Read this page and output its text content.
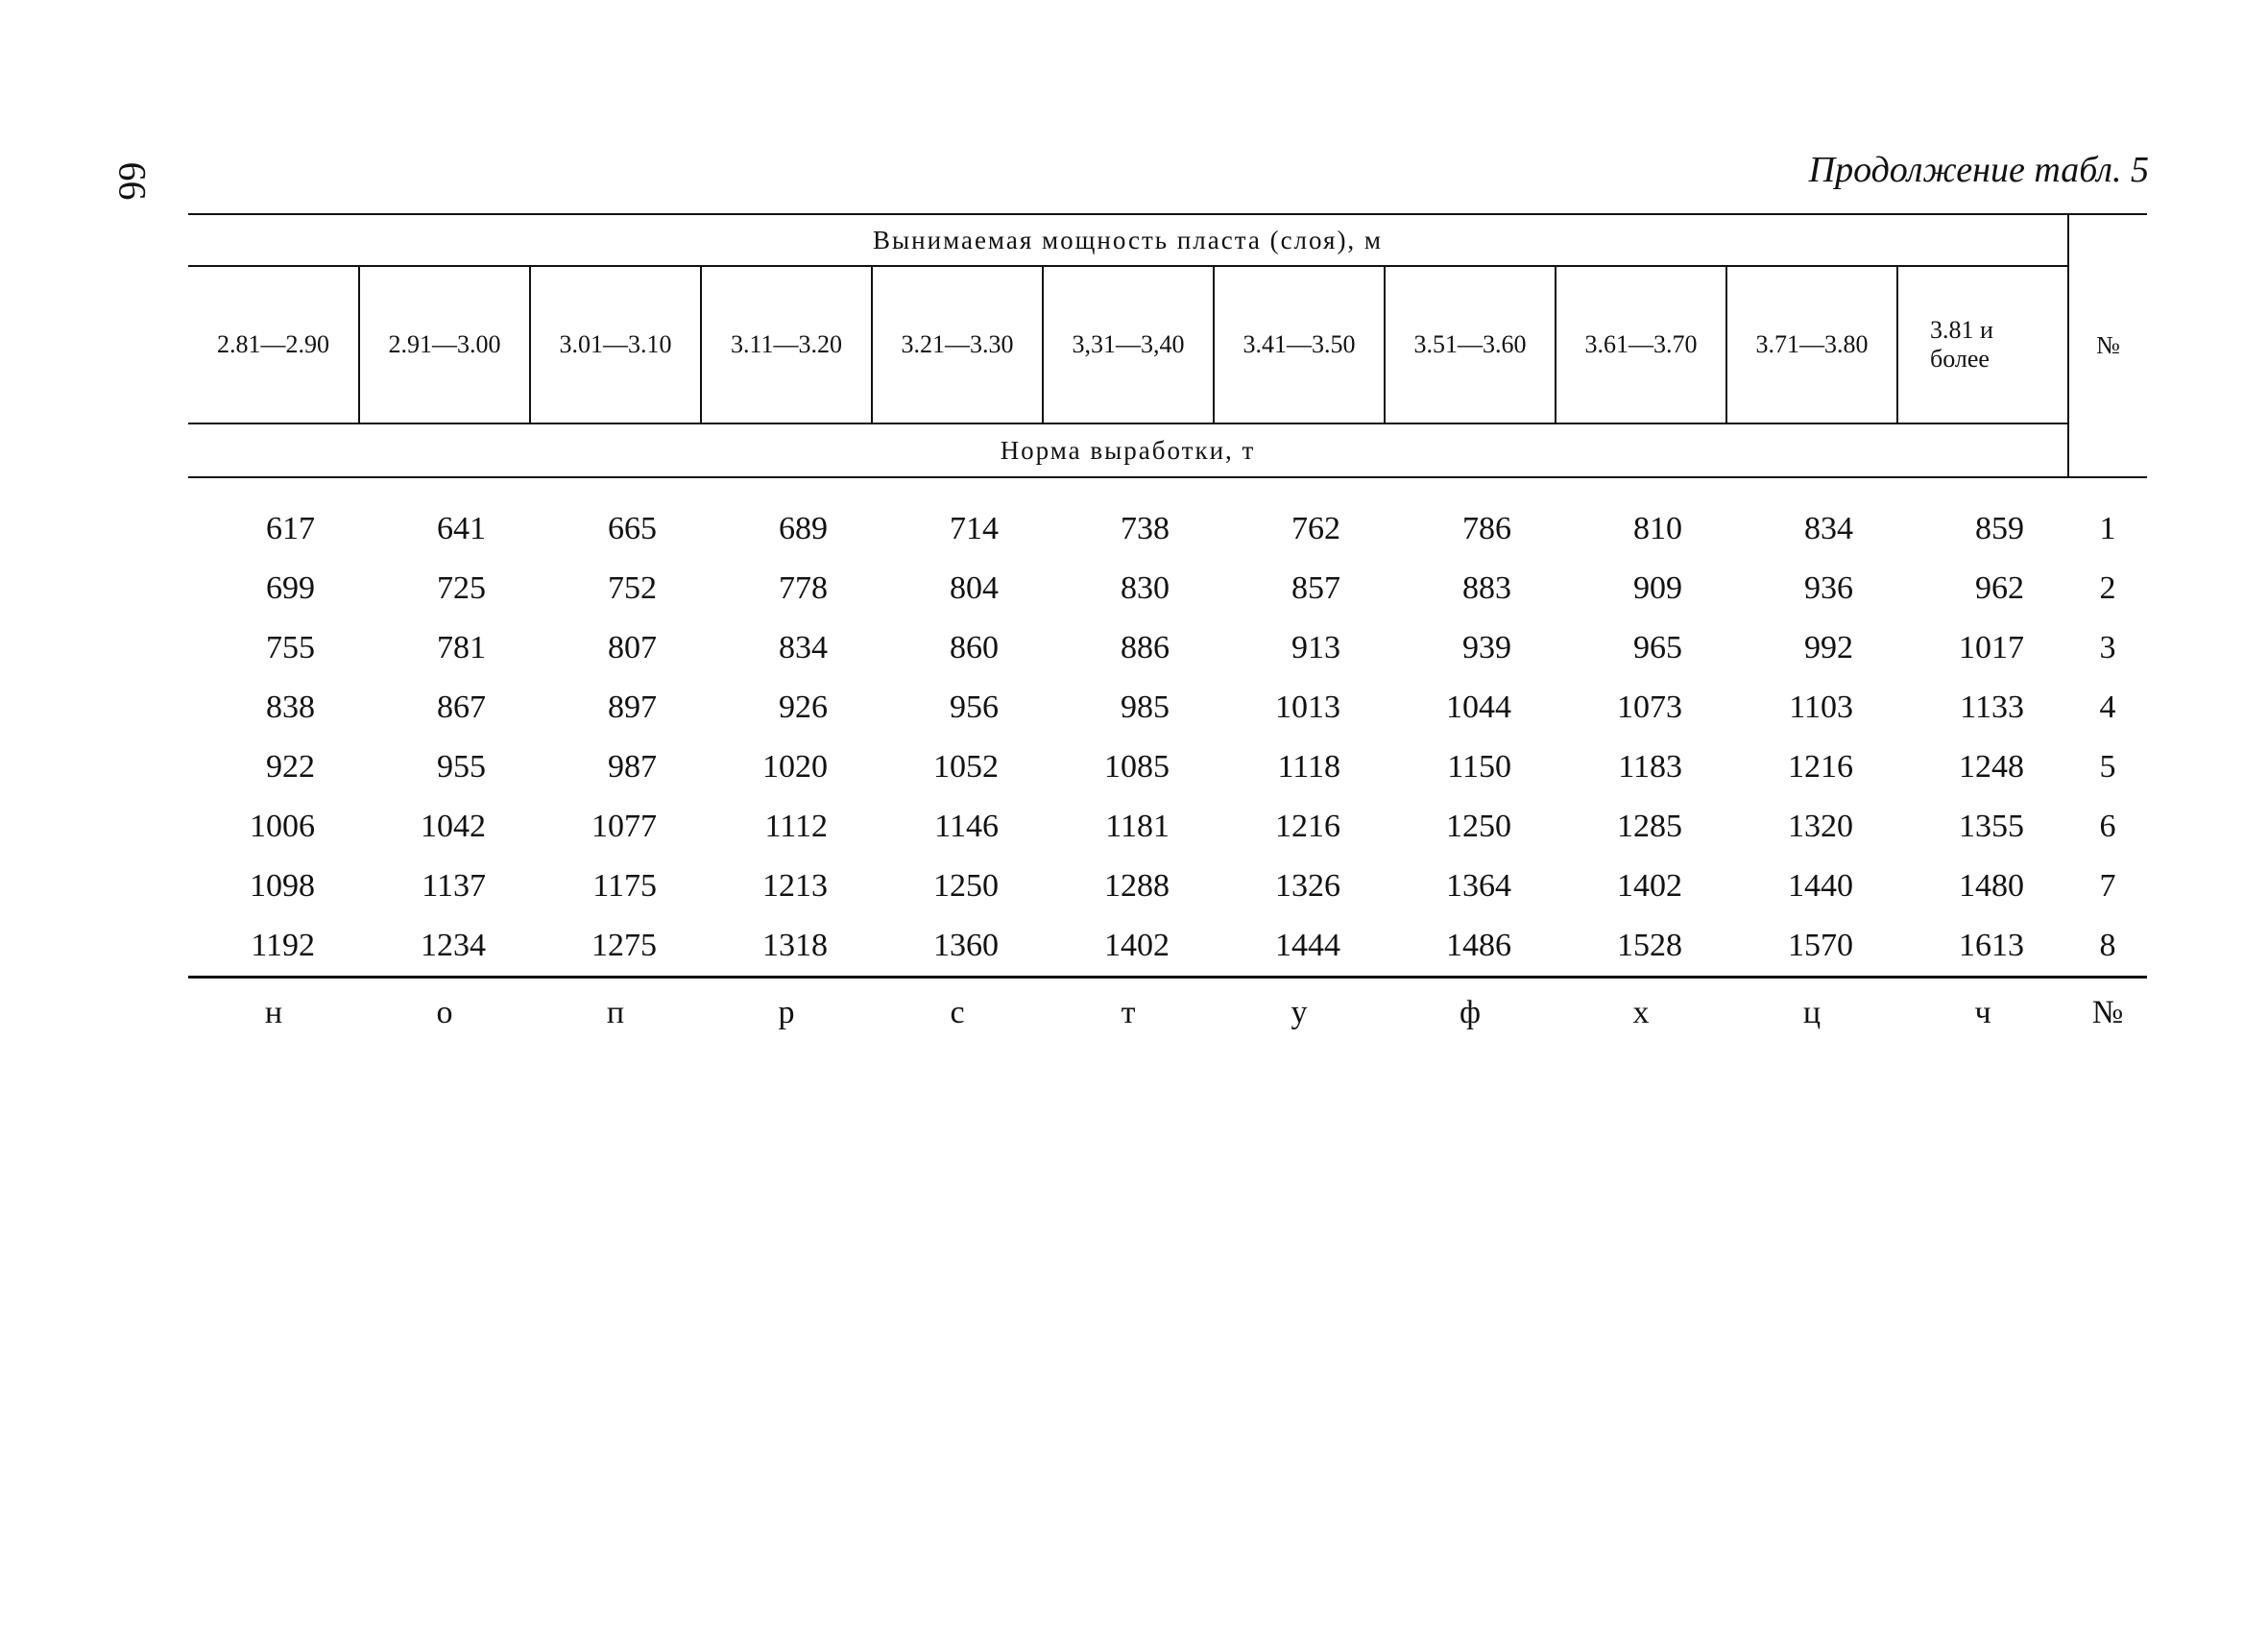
66	Продолжение табл. 5
Вынимаемая мощность пласта (слоя), м											№
2.81—2.90	2.91—3.00	3.01—3.10	3.11—3.20	3.21—3.30	3,31—3,40	3.41—3.50	3.51—3.60	3.61—3.70	3.71—3.80	3.81 и более	
Норма выработки, т											

617	641	665	689	714	738	762	786	810	834	859	1
699	725	752	778	804	830	857	883	909	936	962	2
755	781	807	834	860	886	913	939	965	992	1017	3
838	867	897	926	956	985	1013	1044	1073	1103	1133	4
922	955	987	1020	1052	1085	1118	1150	1183	1216	1248	5
1006	1042	1077	1112	1146	1181	1216	1250	1285	1320	1355	6
1098	1137	1175	1213	1250	1288	1326	1364	1402	1440	1480	7
1192	1234	1275	1318	1360	1402	1444	1486	1528	1570	1613	8
н	о	п	р	с	т	у	ф	х	ц	ч	№
